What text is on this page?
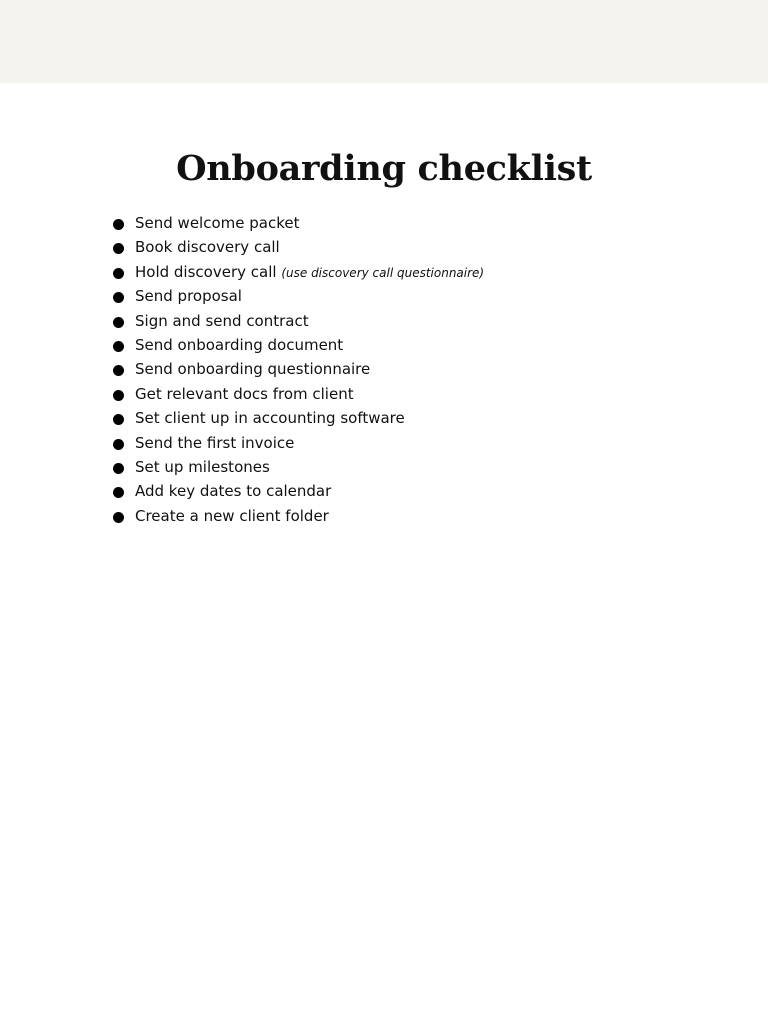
Onboarding checklist
Send welcome packet
Book discovery call
Hold discovery call (use discovery call questionnaire)
Send proposal
Sign and send contract
Send onboarding document
Send onboarding questionnaire
Get relevant docs from client
Set client up in accounting software
Send the first invoice
Set up milestones
Add key dates to calendar
Create a new client folder
